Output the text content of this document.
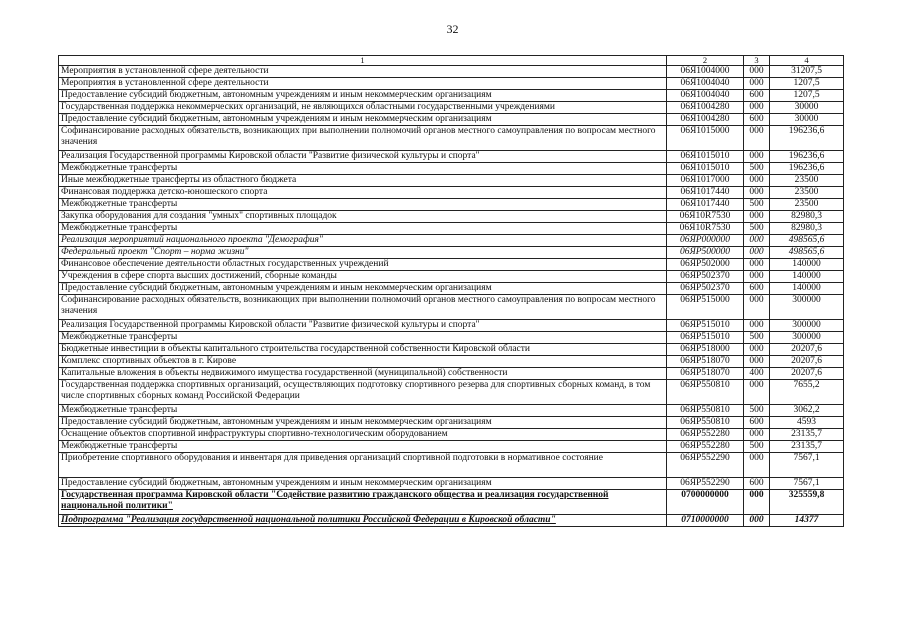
32
1	2	3	4
Мероприятия в установленной сфере деятельности	06Я1004000	000	31207,5
Мероприятия в установленной сфере деятельности	06Я1004040	000	1207,5
Предоставление субсидий бюджетным, автономным учреждениям и иным некоммерческим организациям	06Я1004040	600	1207,5
Государственная поддержка некоммерческих организаций, не являющихся областными государственными учреждениями	06Я1004280	000	30000
Предоставление субсидий бюджетным, автономным учреждениям и иным некоммерческим организациям	06Я1004280	600	30000
Софинансирование расходных обязательств, возникающих при выполнении полномочий органов местного самоуправления по вопросам местного значения	06Я1015000	000	196236,6
Реализация Государственной программы Кировской области "Развитие физической культуры и спорта"	06Я1015010	000	196236,6
Межбюджетные трансферты	06Я1015010	500	196236,6
Иные межбюджетные трансферты из областного бюджета	06Я1017000	000	23500
Финансовая поддержка детско-юношеского спорта	06Я1017440	000	23500
Межбюджетные трансферты	06Я1017440	500	23500
Закупка оборудования для создания "умных" спортивных площадок	06Я10R7530	000	82980,3
Межбюджетные трансферты	06Я10R7530	500	82980,3
Реализация мероприятий национального проекта "Демография"	06ЯP000000	000	498565,6
Федеральный проект "Спорт – норма жизни"	06ЯP500000	000	498565,6
Финансовое обеспечение деятельности областных государственных учреждений	06ЯP502000	000	140000
Учреждения в сфере спорта высших достижений, сборные команды	06ЯP502370	000	140000
Предоставление субсидий бюджетным, автономным учреждениям и иным некоммерческим организациям	06ЯP502370	600	140000
Софинансирование расходных обязательств, возникающих при выполнении полномочий органов местного самоуправления по вопросам местного значения	06ЯP515000	000	300000
Реализация Государственной программы Кировской области "Развитие физической культуры и спорта"	06ЯP515010	000	300000
Межбюджетные трансферты	06ЯP515010	500	300000
Бюджетные инвестиции в объекты капитального строительства государственной собственности Кировской области	06ЯP518000	000	20207,6
Комплекс спортивных объектов в г. Кирове	06ЯP518070	000	20207,6
Капитальные вложения в объекты недвижимого имущества государственной (муниципальной) собственности	06ЯP518070	400	20207,6
Государственная поддержка спортивных организаций, осуществляющих подготовку спортивного резерва для спортивных сборных команд, в том числе спортивных сборных команд Российской Федерации	06ЯP550810	000	7655,2
Межбюджетные трансферты	06ЯP550810	500	3062,2
Предоставление субсидий бюджетным, автономным учреждениям и иным некоммерческим организациям	06ЯP550810	600	4593
Оснащение объектов спортивной инфраструктуры спортивно-технологическим оборудованием	06ЯP552280	000	23135,7
Межбюджетные трансферты	06ЯP552280	500	23135,7
Приобретение спортивного оборудования и инвентаря для приведения организаций спортивной подготовки в нормативное состояние	06ЯP552290	000	7567,1
Предоставление субсидий бюджетным, автономным учреждениям и иным некоммерческим организациям	06ЯP552290	600	7567,1
Государственная программа Кировской области "Содействие развитию гражданского общества и реализация государственной национальной политики"	0700000000	000	325559,8
Подпрограмма "Реализация государственной национальной политики Российской Федерации в Кировской области"	0710000000	000	14377
